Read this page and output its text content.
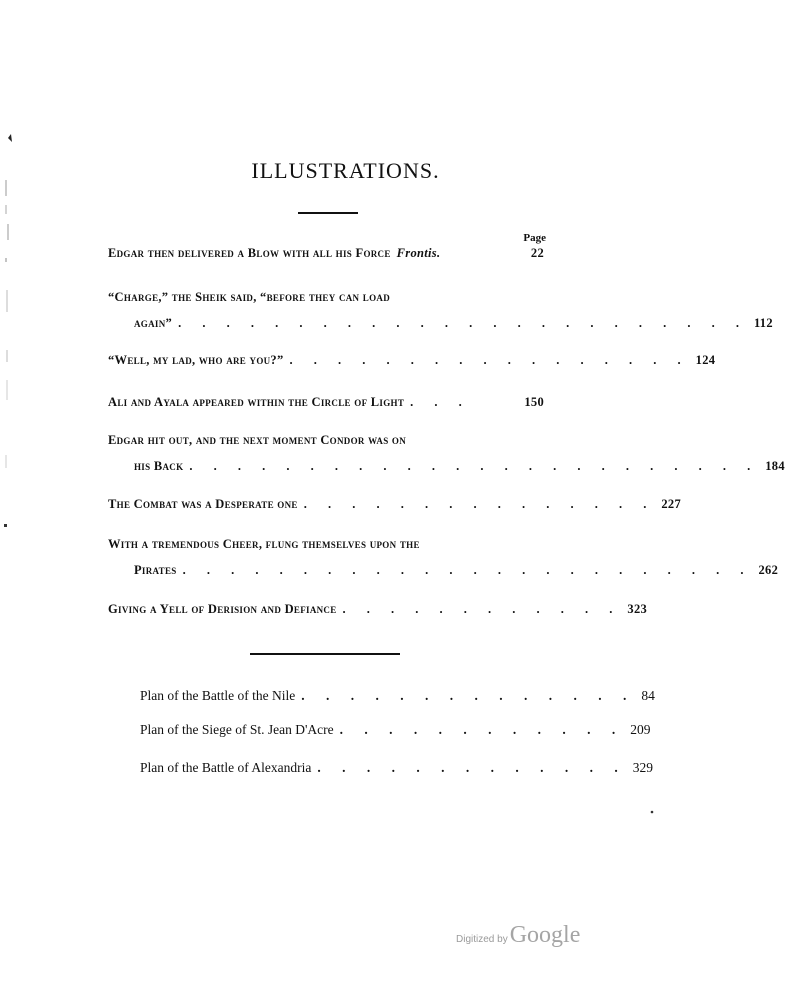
ILLUSTRATIONS.
Page
Edgar then delivered a Blow with all his Force Frontis.	22
“Charge,” the Sheik said, “before they can load
again” . . . . . . . . . . . . . . . . . . . . . . . . 112
“Well, my lad, who are you?” . . . . . . . . . . . . . . . . . 124
Ali and Ayala appeared within the Circle of Light . . .	150
Edgar hit out, and the next moment Condor was on
his Back . . . . . . . . . . . . . . . . . . . . . . . . 184
The Combat was a Desperate one . . . . . . . . . . . . . . . 227
With a tremendous Cheer, flung themselves upon the
Pirates . . . . . . . . . . . . . . . . . . . . . . . . 262
Giving a Yell of Derision and Defiance . . . . . . . . . . . . 323
Plan of the Battle of the Nile . . . . . . . . . . . . . . 84
Plan of the Siege of St. Jean D'Acre . . . . . . . . . . . . 209
Plan of the Battle of Alexandria . . . . . . . . . . . . . 329
Digitized by Google
